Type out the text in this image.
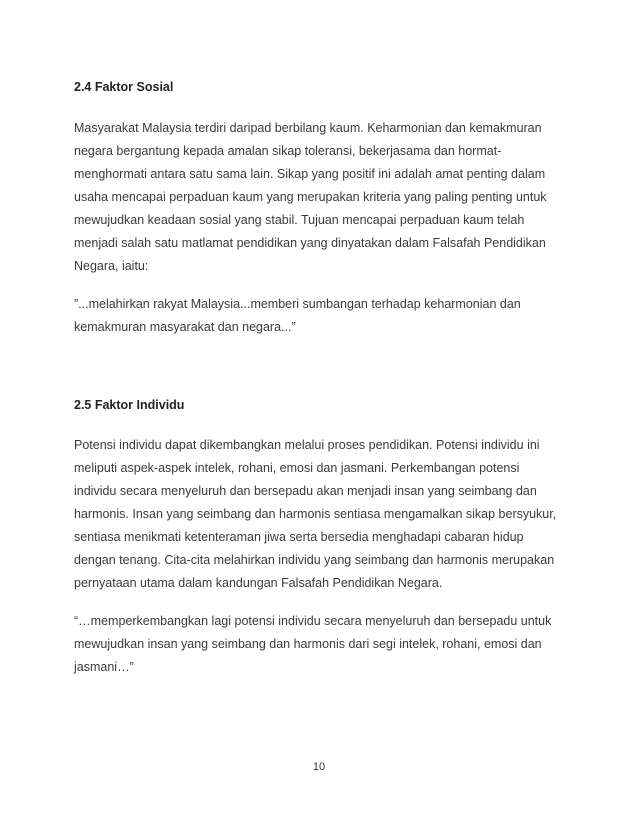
2.4 Faktor Sosial
Masyarakat Malaysia terdiri daripad berbilang kaum. Keharmonian dan kemakmuran
negara bergantung kepada amalan sikap toleransi, bekerjasama dan hormat-
menghormati antara satu sama lain. Sikap yang positif ini adalah amat penting dalam
usaha mencapai perpaduan kaum yang merupakan kriteria yang paling penting untuk
mewujudkan keadaan sosial yang stabil. Tujuan mencapai perpaduan kaum telah
menjadi salah satu matlamat pendidikan yang dinyatakan dalam Falsafah Pendidikan
Negara, iaitu:
”...melahirkan rakyat Malaysia...memberi sumbangan terhadap keharmonian dan
kemakmuran masyarakat dan negara...”
2.5 Faktor Individu
Potensi individu dapat dikembangkan melalui proses pendidikan. Potensi individu ini
meliputi aspek-aspek intelek, rohani, emosi dan jasmani. Perkembangan potensi
individu secara menyeluruh dan bersepadu akan menjadi insan yang seimbang dan
harmonis. Insan yang seimbang dan harmonis sentiasa mengamalkan sikap bersyukur,
sentiasa menikmati ketenteraman jiwa serta bersedia menghadapi cabaran hidup
dengan tenang. Cita-cita melahirkan individu yang seimbang dan harmonis merupakan
pernyataan utama dalam kandungan Falsafah Pendidikan Negara.
“…memperkembangkan lagi potensi individu secara menyeluruh dan bersepadu untuk
mewujudkan insan yang seimbang dan harmonis dari segi intelek, rohani, emosi dan
jasmani…”
10
